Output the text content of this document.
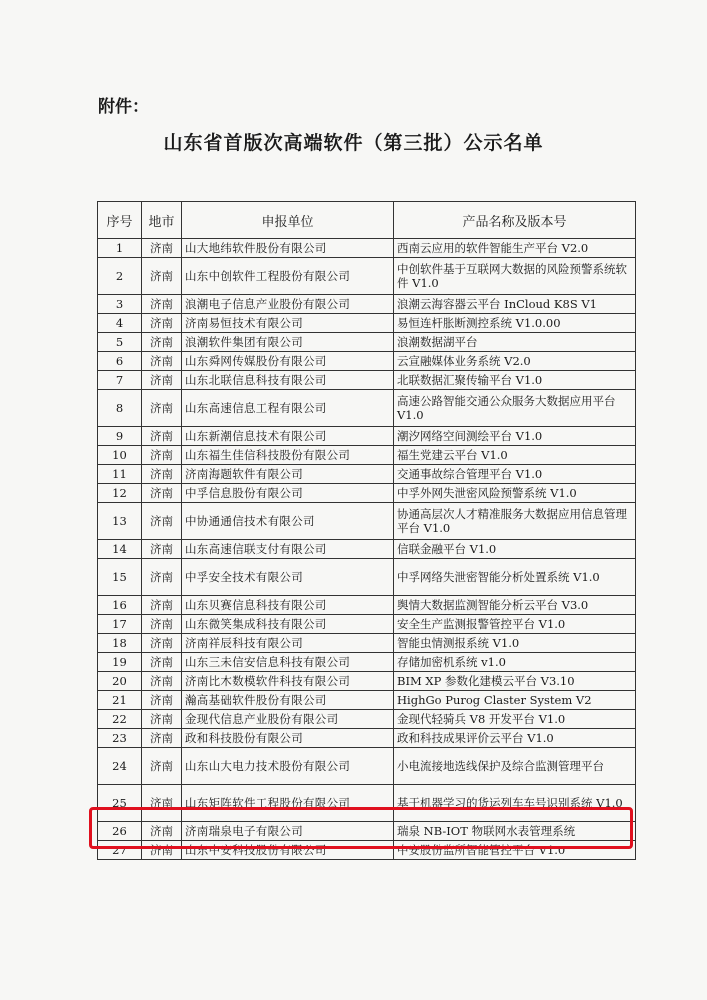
附件：
山东省首版次高端软件（第三批）公示名单
序号	地市	申报单位	产品名称及版本号
1	济南	山大地纬软件股份有限公司	西南云应用的软件智能生产平台 V2.0
2	济南	山东中创软件工程股份有限公司	中创软件基于互联网大数据的风险预警系统软件 V1.0
3	济南	浪潮电子信息产业股份有限公司	浪潮云海容器云平台 InCloud K8S V1
4	济南	济南易恒技术有限公司	易恒连杆胀断测控系统 V1.0.00
5	济南	浪潮软件集团有限公司	浪潮数据湖平台
6	济南	山东舜网传媒股份有限公司	云宣融媒体业务系统 V2.0
7	济南	山东北联信息科技有限公司	北联数据汇聚传输平台 V1.0
8	济南	山东高速信息工程有限公司	高速公路智能交通公众服务大数据应用平台 V1.0
9	济南	山东新潮信息技术有限公司	潮汐网络空间测绘平台 V1.0
10	济南	山东福生佳信科技股份有限公司	福生党建云平台 V1.0
11	济南	济南海题软件有限公司	交通事故综合管理平台 V1.0
12	济南	中孚信息股份有限公司	中孚外网失泄密风险预警系统 V1.0
13	济南	中协通通信技术有限公司	协通高层次人才精准服务大数据应用信息管理平台 V1.0
14	济南	山东高速信联支付有限公司	信联金融平台 V1.0
15	济南	中孚安全技术有限公司	中孚网络失泄密智能分析处置系统 V1.0
16	济南	山东贝赛信息科技有限公司	舆情大数据监测智能分析云平台 V3.0
17	济南	山东微笑集成科技有限公司	安全生产监测报警管控平台 V1.0
18	济南	济南祥辰科技有限公司	智能虫情测报系统 V1.0
19	济南	山东三未信安信息科技有限公司	存储加密机系统 v1.0
20	济南	济南比木数模软件科技有限公司	BIM XP 参数化建模云平台 V3.10
21	济南	瀚高基础软件股份有限公司	HighGo Purog Claster System V2
22	济南	金现代信息产业股份有限公司	金现代轻骑兵 V8 开发平台 V1.0
23	济南	政和科技股份有限公司	政和科技成果评价云平台 V1.0
24	济南	山东山大电力技术股份有限公司	小电流接地选线保护及综合监测管理平台
25	济南	山东矩阵软件工程股份有限公司	基于机器学习的货运列车车号识别系统 V1.0
26	济南	济南瑞泉电子有限公司	瑞泉 NB-IOT 物联网水表管理系统
27	济南	山东中安科技股份有限公司	中安股份监所智能管控平台 V1.0
